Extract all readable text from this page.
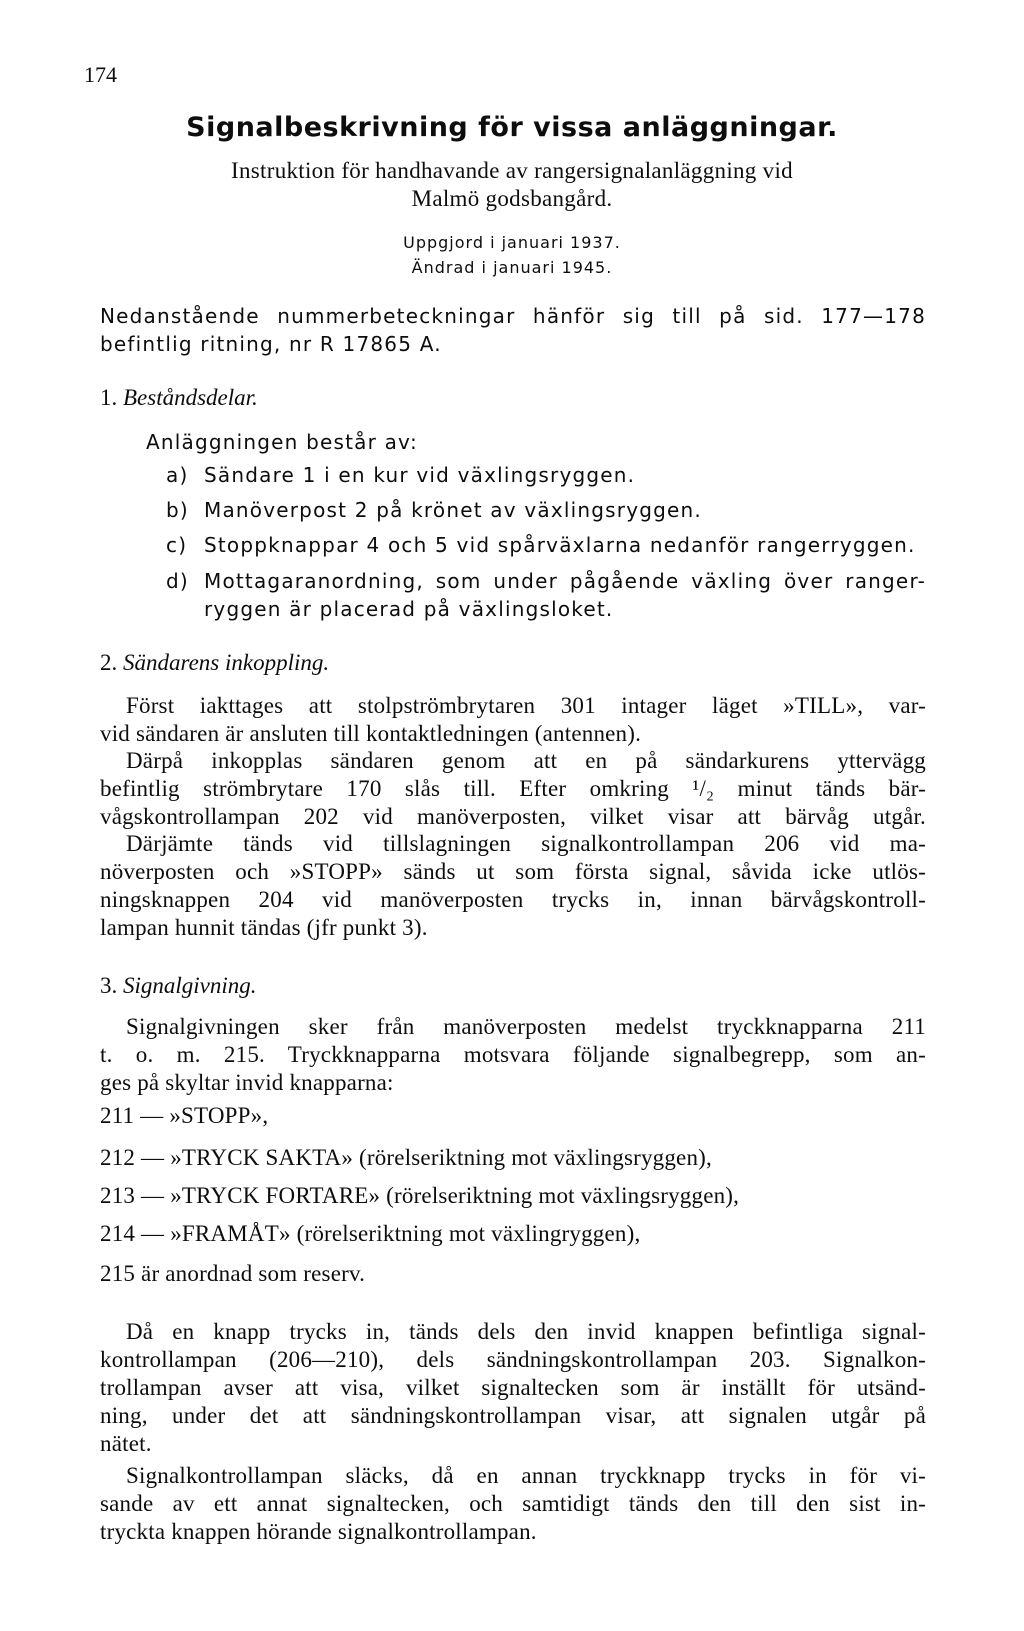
174
Signalbeskrivning för vissa anläggningar.
Instruktion för handhavande av rangersignalanläggning vid
Malmö godsbangård.
Uppgjord i januari 1937.
Ändrad i januari 1945.
Nedanstående nummerbeteckningar hänför sig till på sid. 177—178
befintlig ritning, nr R 17865 A.
1. Beståndsdelar.
Anläggningen består av:
a) Sändare 1 i en kur vid växlingsryggen.
b) Manöverpost 2 på krönet av växlingsryggen.
c) Stoppknappar 4 och 5 vid spårväxlarna nedanför rangerryggen.
d) Mottagaranordning, som under pågående växling över ranger-
ryggen är placerad på växlingsloket.
2. Sändarens inkoppling.
Först iakttages att stolpströmbrytaren 301 intager läget »TILL», var-
vid sändaren är ansluten till kontaktledningen (antennen).
Därpå inkopplas sändaren genom att en på sändarkurens yttervägg
befintlig strömbrytare 170 slås till. Efter omkring ¹/₂ minut tänds bär-
vågskontrollampan 202 vid manöverposten, vilket visar att bärvåg utgår.
Därjämte tänds vid tillslagningen signalkontrollampan 206 vid ma-
növerposten och »STOPP» sänds ut som första signal, såvida icke utlös-
ningsknappen 204 vid manöverposten trycks in, innan bärvågskontroll-
lampan hunnit tändas (jfr punkt 3).
3. Signalgivning.
Signalgivningen sker från manöverposten medelst tryckknapparna 211
t. o. m. 215. Tryckknapparna motsvara följande signalbegrepp, som an-
ges på skyltar invid knapparna:
211 — »STOPP»,
212 — »TRYCK SAKTA» (rörelseriktning mot växlingsryggen),
213 — »TRYCK FORTARE» (rörelseriktning mot växlingsryggen),
214 — »FRAMÅT» (rörelseriktning mot växlingryggen),
215 är anordnad som reserv.
Då en knapp trycks in, tänds dels den invid knappen befintliga signal-
kontrollampan (206—210), dels sändningskontrollampan 203. Signalkon-
trollampan avser att visa, vilket signaltecken som är inställt för utsänd-
ning, under det att sändningskontrollampan visar, att signalen utgår på
nätet.
Signalkontrollampan släcks, då en annan tryckknapp trycks in för vi-
sande av ett annat signaltecken, och samtidigt tänds den till den sist in-
tryckta knappen hörande signalkontrollampan.
